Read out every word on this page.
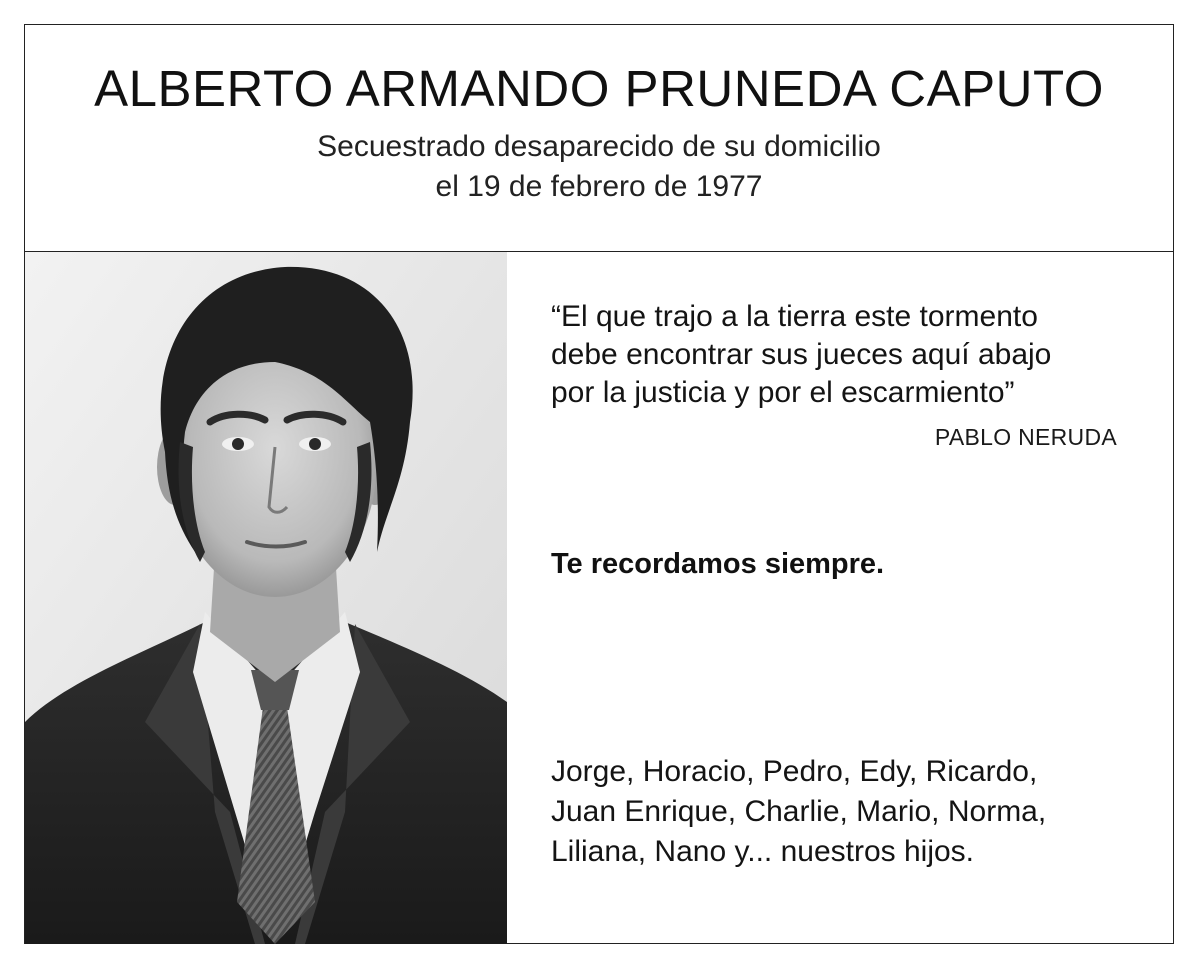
ALBERTO ARMANDO PRUNEDA CAPUTO
Secuestrado desaparecido de su domicilio
el 19 de febrero de 1977
“El que trajo a la tierra este tormento
debe encontrar sus jueces aquí abajo
por la justicia y por el escarmiento”
PABLO NERUDA
Te recordamos siempre.
Jorge, Horacio, Pedro, Edy, Ricardo,
Juan Enrique, Charlie, Mario, Norma,
Liliana, Nano y... nuestros hijos.
